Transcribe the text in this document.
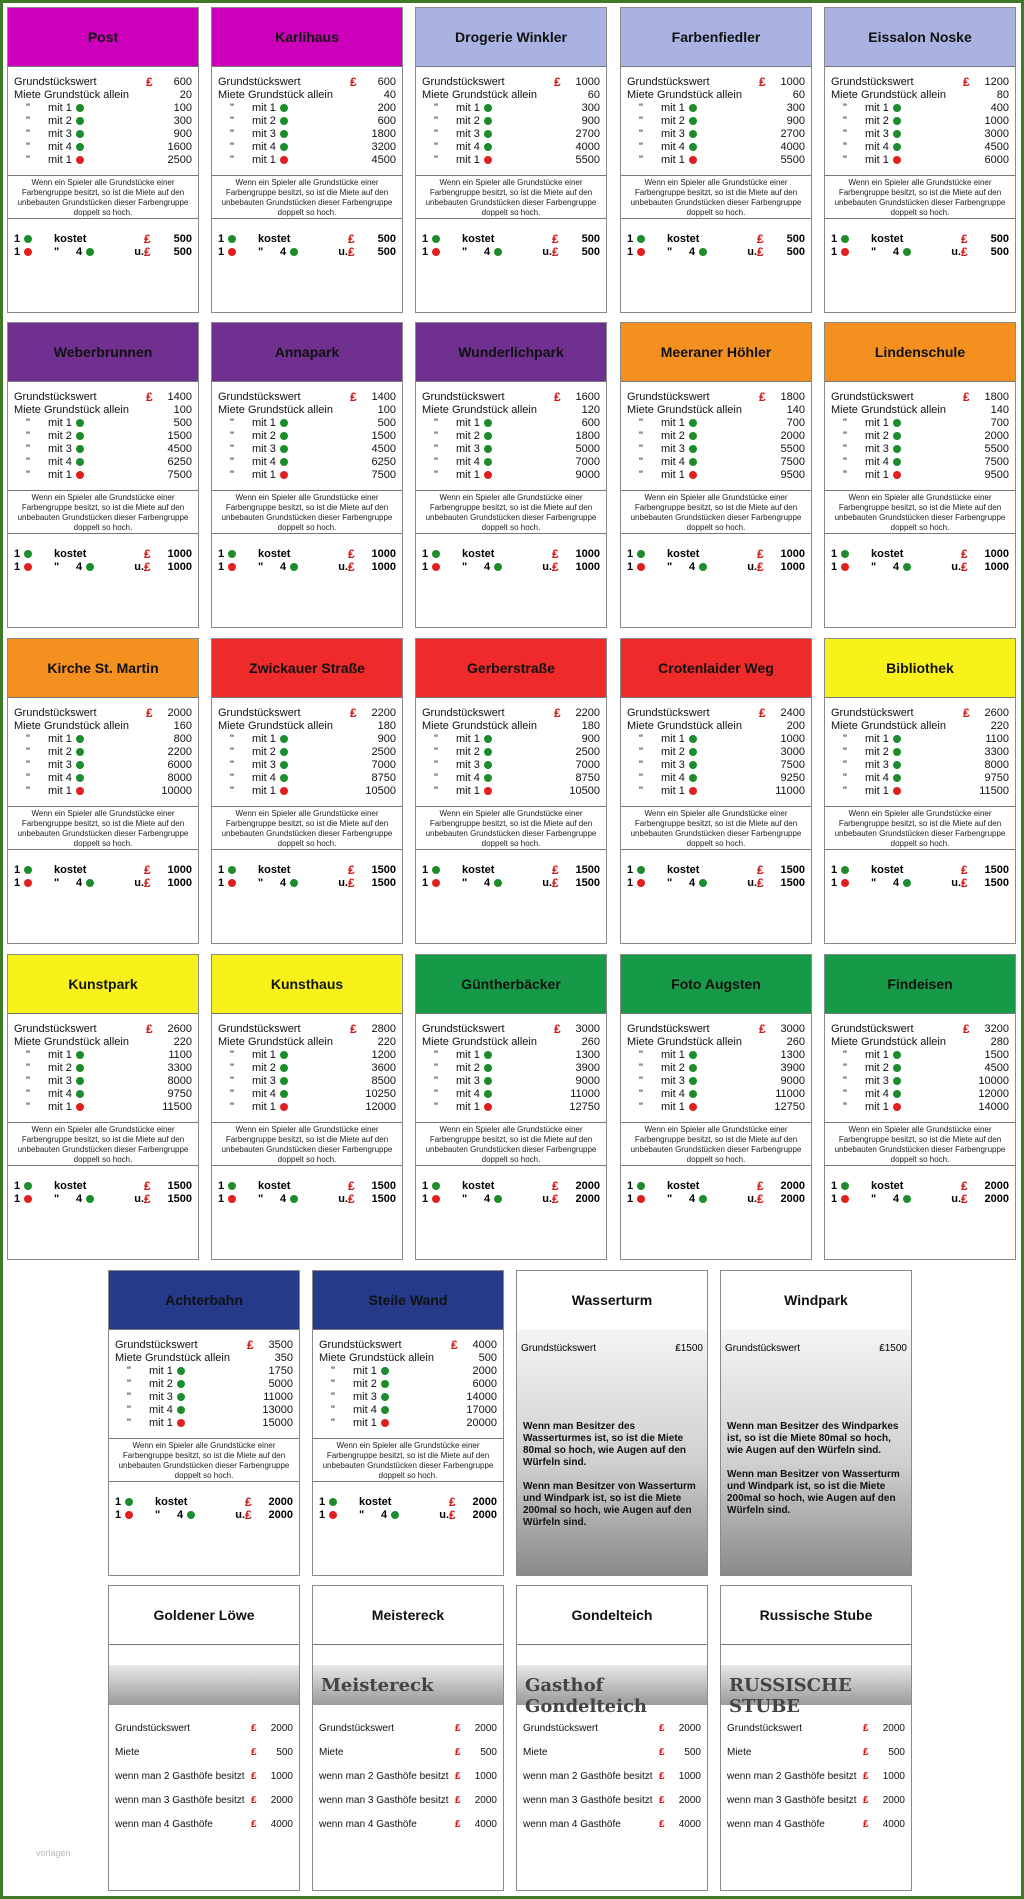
Post
Grundstückswert	₤	600
Miete Grundstück allein	20
" mit 1	100
" mit 2	300
" mit 3	900
" mit 4	1600
" mit 1	2500
Wenn ein Spieler alle Grundstücke einer Farbengruppe besitzt, so ist die Miete auf den unbebauten Grundstücken dieser Farbengruppe doppelt so hoch.
1	kostet	₤	500
1	" 4	u. ₤	500
Karlihaus
Grundstückswert	₤	600
Miete Grundstück allein	40
" mit 1	200
" mit 2	600
" mit 3	1800
" mit 4	3200
" mit 1	4500
Wenn ein Spieler alle Grundstücke einer Farbengruppe besitzt, so ist die Miete auf den unbebauten Grundstücken dieser Farbengruppe doppelt so hoch.
1	kostet	₤	500
1	" 4	u. ₤	500
Drogerie Winkler
Grundstückswert	₤	1000
Miete Grundstück allein	60
" mit 1	300
" mit 2	900
" mit 3	2700
" mit 4	4000
" mit 1	5500
Wenn ein Spieler alle Grundstücke einer Farbengruppe besitzt, so ist die Miete auf den unbebauten Grundstücken dieser Farbengruppe doppelt so hoch.
1	kostet	₤	500
1	" 4	u. ₤	500
Farbenfiedler
Grundstückswert	₤	1000
Miete Grundstück allein	60
" mit 1	300
" mit 2	900
" mit 3	2700
" mit 4	4000
" mit 1	5500
Wenn ein Spieler alle Grundstücke einer Farbengruppe besitzt, so ist die Miete auf den unbebauten Grundstücken dieser Farbengruppe doppelt so hoch.
1	kostet	₤	500
1	" 4	u. ₤	500
Eissalon Noske
Grundstückswert	₤	1200
Miete Grundstück allein	80
" mit 1	400
" mit 2	1000
" mit 3	3000
" mit 4	4500
" mit 1	6000
Wenn ein Spieler alle Grundstücke einer Farbengruppe besitzt, so ist die Miete auf den unbebauten Grundstücken dieser Farbengruppe doppelt so hoch.
1	kostet	₤	500
1	" 4	u. ₤	500
Weberbrunnen
Grundstückswert	₤	1400
Miete Grundstück allein	100
" mit 1	500
" mit 2	1500
" mit 3	4500
" mit 4	6250
" mit 1	7500
Wenn ein Spieler alle Grundstücke einer Farbengruppe besitzt, so ist die Miete auf den unbebauten Grundstücken dieser Farbengruppe doppelt so hoch.
1	kostet	₤	1000
1	" 4	u. ₤	1000
Annapark
Grundstückswert	₤	1400
Miete Grundstück allein	100
" mit 1	500
" mit 2	1500
" mit 3	4500
" mit 4	6250
" mit 1	7500
Wenn ein Spieler alle Grundstücke einer Farbengruppe besitzt, so ist die Miete auf den unbebauten Grundstücken dieser Farbengruppe doppelt so hoch.
1	kostet	₤	1000
1	" 4	u. ₤	1000
Wunderlichpark
Grundstückswert	₤	1600
Miete Grundstück allein	120
" mit 1	600
" mit 2	1800
" mit 3	5000
" mit 4	7000
" mit 1	9000
Wenn ein Spieler alle Grundstücke einer Farbengruppe besitzt, so ist die Miete auf den unbebauten Grundstücken dieser Farbengruppe doppelt so hoch.
1	kostet	₤	1000
1	" 4	u. ₤	1000
Meeraner Höhler
Grundstückswert	₤	1800
Miete Grundstück allein	140
" mit 1	700
" mit 2	2000
" mit 3	5500
" mit 4	7500
" mit 1	9500
Wenn ein Spieler alle Grundstücke einer Farbengruppe besitzt, so ist die Miete auf den unbebauten Grundstücken dieser Farbengruppe doppelt so hoch.
1	kostet	₤	1000
1	" 4	u. ₤	1000
Lindenschule
Grundstückswert	₤	1800
Miete Grundstück allein	140
" mit 1	700
" mit 2	2000
" mit 3	5500
" mit 4	7500
" mit 1	9500
Wenn ein Spieler alle Grundstücke einer Farbengruppe besitzt, so ist die Miete auf den unbebauten Grundstücken dieser Farbengruppe doppelt so hoch.
1	kostet	₤	1000
1	" 4	u. ₤	1000
Kirche St. Martin
Grundstückswert	₤	2000
Miete Grundstück allein	160
" mit 1	800
" mit 2	2200
" mit 3	6000
" mit 4	8000
" mit 1	10000
Wenn ein Spieler alle Grundstücke einer Farbengruppe besitzt, so ist die Miete auf den unbebauten Grundstücken dieser Farbengruppe doppelt so hoch.
1	kostet	₤	1000
1	" 4	u. ₤	1000
Zwickauer Straße
Grundstückswert	₤	2200
Miete Grundstück allein	180
" mit 1	900
" mit 2	2500
" mit 3	7000
" mit 4	8750
" mit 1	10500
Wenn ein Spieler alle Grundstücke einer Farbengruppe besitzt, so ist die Miete auf den unbebauten Grundstücken dieser Farbengruppe doppelt so hoch.
1	kostet	₤	1500
1	" 4	u. ₤	1500
Gerberstraße
Grundstückswert	₤	2200
Miete Grundstück allein	180
" mit 1	900
" mit 2	2500
" mit 3	7000
" mit 4	8750
" mit 1	10500
Wenn ein Spieler alle Grundstücke einer Farbengruppe besitzt, so ist die Miete auf den unbebauten Grundstücken dieser Farbengruppe doppelt so hoch.
1	kostet	₤	1500
1	" 4	u. ₤	1500
Crotenlaider Weg
Grundstückswert	₤	2400
Miete Grundstück allein	200
" mit 1	1000
" mit 2	3000
" mit 3	7500
" mit 4	9250
" mit 1	11000
Wenn ein Spieler alle Grundstücke einer Farbengruppe besitzt, so ist die Miete auf den unbebauten Grundstücken dieser Farbengruppe doppelt so hoch.
1	kostet	₤	1500
1	" 4	u. ₤	1500
Bibliothek
Grundstückswert	₤	2600
Miete Grundstück allein	220
" mit 1	1100
" mit 2	3300
" mit 3	8000
" mit 4	9750
" mit 1	11500
Wenn ein Spieler alle Grundstücke einer Farbengruppe besitzt, so ist die Miete auf den unbebauten Grundstücken dieser Farbengruppe doppelt so hoch.
1	kostet	₤	1500
1	" 4	u. ₤	1500
Kunstpark
Grundstückswert	₤	2600
Miete Grundstück allein	220
" mit 1	1100
" mit 2	3300
" mit 3	8000
" mit 4	9750
" mit 1	11500
Wenn ein Spieler alle Grundstücke einer Farbengruppe besitzt, so ist die Miete auf den unbebauten Grundstücken dieser Farbengruppe doppelt so hoch.
1	kostet	₤	1500
1	" 4	u. ₤	1500
Kunsthaus
Grundstückswert	₤	2800
Miete Grundstück allein	220
" mit 1	1200
" mit 2	3600
" mit 3	8500
" mit 4	10250
" mit 1	12000
Wenn ein Spieler alle Grundstücke einer Farbengruppe besitzt, so ist die Miete auf den unbebauten Grundstücken dieser Farbengruppe doppelt so hoch.
1	kostet	₤	1500
1	" 4	u. ₤	1500
Güntherbäcker
Grundstückswert	₤	3000
Miete Grundstück allein	260
" mit 1	1300
" mit 2	3900
" mit 3	9000
" mit 4	11000
" mit 1	12750
Wenn ein Spieler alle Grundstücke einer Farbengruppe besitzt, so ist die Miete auf den unbebauten Grundstücken dieser Farbengruppe doppelt so hoch.
1	kostet	₤	2000
1	" 4	u. ₤	2000
Foto Augsten
Grundstückswert	₤	3000
Miete Grundstück allein	260
" mit 1	1300
" mit 2	3900
" mit 3	9000
" mit 4	11000
" mit 1	12750
Wenn ein Spieler alle Grundstücke einer Farbengruppe besitzt, so ist die Miete auf den unbebauten Grundstücken dieser Farbengruppe doppelt so hoch.
1	kostet	₤	2000
1	" 4	u. ₤	2000
Findeisen
Grundstückswert	₤	3200
Miete Grundstück allein	280
" mit 1	1500
" mit 2	4500
" mit 3	10000
" mit 4	12000
" mit 1	14000
Wenn ein Spieler alle Grundstücke einer Farbengruppe besitzt, so ist die Miete auf den unbebauten Grundstücken dieser Farbengruppe doppelt so hoch.
1	kostet	₤	2000
1	" 4	u. ₤	2000
Achterbahn
Grundstückswert	₤	3500
Miete Grundstück allein	350
" mit 1	1750
" mit 2	5000
" mit 3	11000
" mit 4	13000
" mit 1	15000
Wenn ein Spieler alle Grundstücke einer Farbengruppe besitzt, so ist die Miete auf den unbebauten Grundstücken dieser Farbengruppe doppelt so hoch.
1	kostet	₤	2000
1	" 4	u. ₤	2000
Steile Wand
Grundstückswert	₤	4000
Miete Grundstück allein	500
" mit 1	2000
" mit 2	6000
" mit 3	14000
" mit 4	17000
" mit 1	20000
Wenn ein Spieler alle Grundstücke einer Farbengruppe besitzt, so ist die Miete auf den unbebauten Grundstücken dieser Farbengruppe doppelt so hoch.
1	kostet	₤	2000
1	" 4	u. ₤	2000
Wasserturm
Grundstückswert	₤ 1500
Wenn man Besitzer des Wasserturmes ist, so ist die Miete 80mal so hoch, wie Augen auf den Würfeln sind.
Wenn man Besitzer von Wasserturm und Windpark ist, so ist die Miete 200mal so hoch, wie Augen auf den Würfeln sind.
Windpark
Grundstückswert	₤ 1500
Wenn man Besitzer des Windparkes ist, so ist die Miete 80mal so hoch, wie Augen auf den Würfeln sind.
Wenn man Besitzer von Wasserturm und Windpark ist, so ist die Miete 200mal so hoch, wie Augen auf den Würfeln sind.
Goldener Löwe
Grundstückswert	₤	2000
Miete	₤	500
wenn man 2 Gasthöfe besitzt ₤	1000
wenn man 3 Gasthöfe besitzt ₤	2000
wenn man 4 Gasthöfe	₤	4000
Meistereck
Meistereck
Grundstückswert	₤	2000
Miete	₤	500
wenn man 2 Gasthöfe besitzt ₤	1000
wenn man 3 Gasthöfe besitzt ₤	2000
wenn man 4 Gasthöfe	₤	4000
Gondelteich
Gasthof Gondelteich
Grundstückswert	₤	2000
Miete	₤	500
wenn man 2 Gasthöfe besitzt ₤	1000
wenn man 3 Gasthöfe besitzt ₤	2000
wenn man 4 Gasthöfe	₤	4000
Russische Stube
RUSSISCHE STUBE
Grundstückswert	₤	2000
Miete	₤	500
wenn man 2 Gasthöfe besitzt ₤	1000
wenn man 3 Gasthöfe besitzt ₤	2000
wenn man 4 Gasthöfe	₤	4000
vorlagen
